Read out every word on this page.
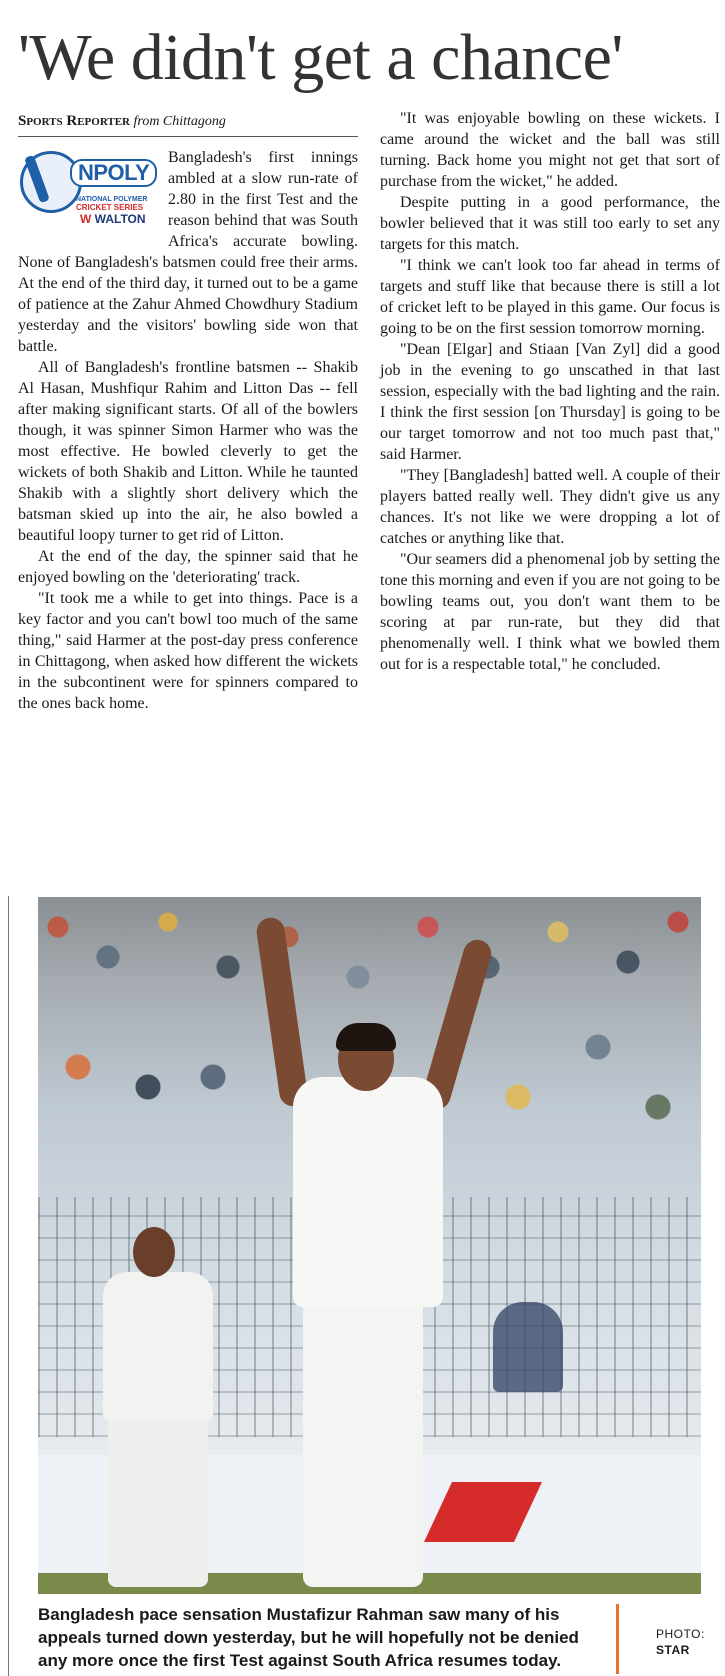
'We didn't get a chance'
Sports Reporter from Chittagong
NPOLY
NATIONAL POLYMER
CRICKET SERIES
W WALTON

Bangladesh's first innings ambled at a slow run-rate of 2.80 in the first Test and the reason behind that was South Africa's accurate bowling. None of Bangladesh's batsmen could free their arms. At the end of the third day, it turned out to be a game of patience at the Zahur Ahmed Chowdhury Stadium yesterday and the visitors' bowling side won that battle.

All of Bangladesh's frontline batsmen -- Shakib Al Hasan, Mushfiqur Rahim and Litton Das -- fell after making significant starts. Of all of the bowlers though, it was spinner Simon Harmer who was the most effective. He bowled cleverly to get the wickets of both Shakib and Litton. While he taunted Shakib with a slightly short delivery which the batsman skied up into the air, he also bowled a beautiful loopy turner to get rid of Litton.

At the end of the day, the spinner said that he enjoyed bowling on the 'deteriorating' track.

"It took me a while to get into things. Pace is a key factor and you can't bowl too much of the same thing," said Harmer at the post-day press conference in Chittagong, when asked how different the wickets in the subcontinent were for spinners compared to the ones back home.

"It was enjoyable bowling on these wickets. I came around the wicket and the ball was still turning. Back home you might not get that sort of purchase from the wicket," he added.

Despite putting in a good performance, the bowler believed that it was still too early to set any targets for this match.

"I think we can't look too far ahead in terms of targets and stuff like that because there is still a lot of cricket left to be played in this game. Our focus is going to be on the first session tomorrow morning.

"Dean [Elgar] and Stiaan [Van Zyl] did a good job in the evening to go unscathed in that last session, especially with the bad lighting and the rain. I think the first session [on Thursday] is going to be our target tomorrow and not too much past that," said Harmer.

"They [Bangladesh] batted well. A couple of their players batted really well. They didn't give us any chances. It's not like we were dropping a lot of catches or anything like that.

"Our seamers did a phenomenal job by setting the tone this morning and even if you are not going to be bowling teams out, you don't want them to be scoring at par run-rate, but they did that phenomenally well. I think what we bowled them out for is a respectable total," he concluded.

Bangladesh pace sensation Mustafizur Rahman saw many of his appeals turned down yesterday, but he will hopefully not be denied any more once the first Test against South Africa resumes today.
PHOTO:
STAR
